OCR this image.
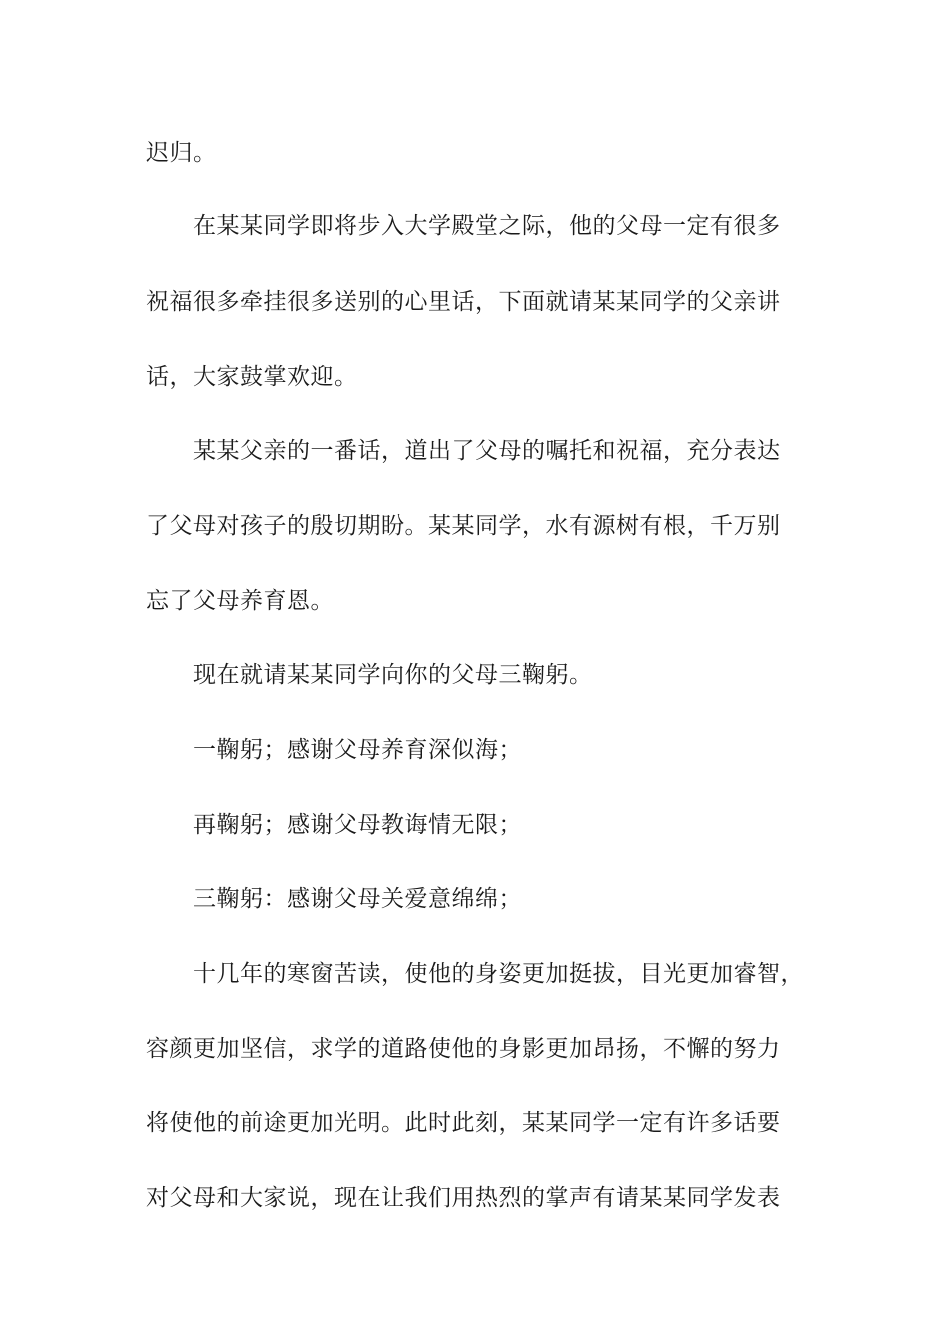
迟归。
在某某同学即将步入大学殿堂之际，他的父母一定有很多
祝福很多牵挂很多送别的心里话，下面就请某某同学的父亲讲
话，大家鼓掌欢迎。
某某父亲的一番话，道出了父母的嘱托和祝福，充分表达
了父母对孩子的殷切期盼。某某同学，水有源树有根，千万别
忘了父母养育恩。
现在就请某某同学向你的父母三鞠躬。
一鞠躬；感谢父母养育深似海；
再鞠躬；感谢父母教诲情无限；
三鞠躬：感谢父母关爱意绵绵；
十几年的寒窗苦读，使他的身姿更加挺拔，目光更加睿智，
容颜更加坚信，求学的道路使他的身影更加昂扬，不懈的努力
将使他的前途更加光明。此时此刻，某某同学一定有许多话要
对父母和大家说，现在让我们用热烈的掌声有请某某同学发表
